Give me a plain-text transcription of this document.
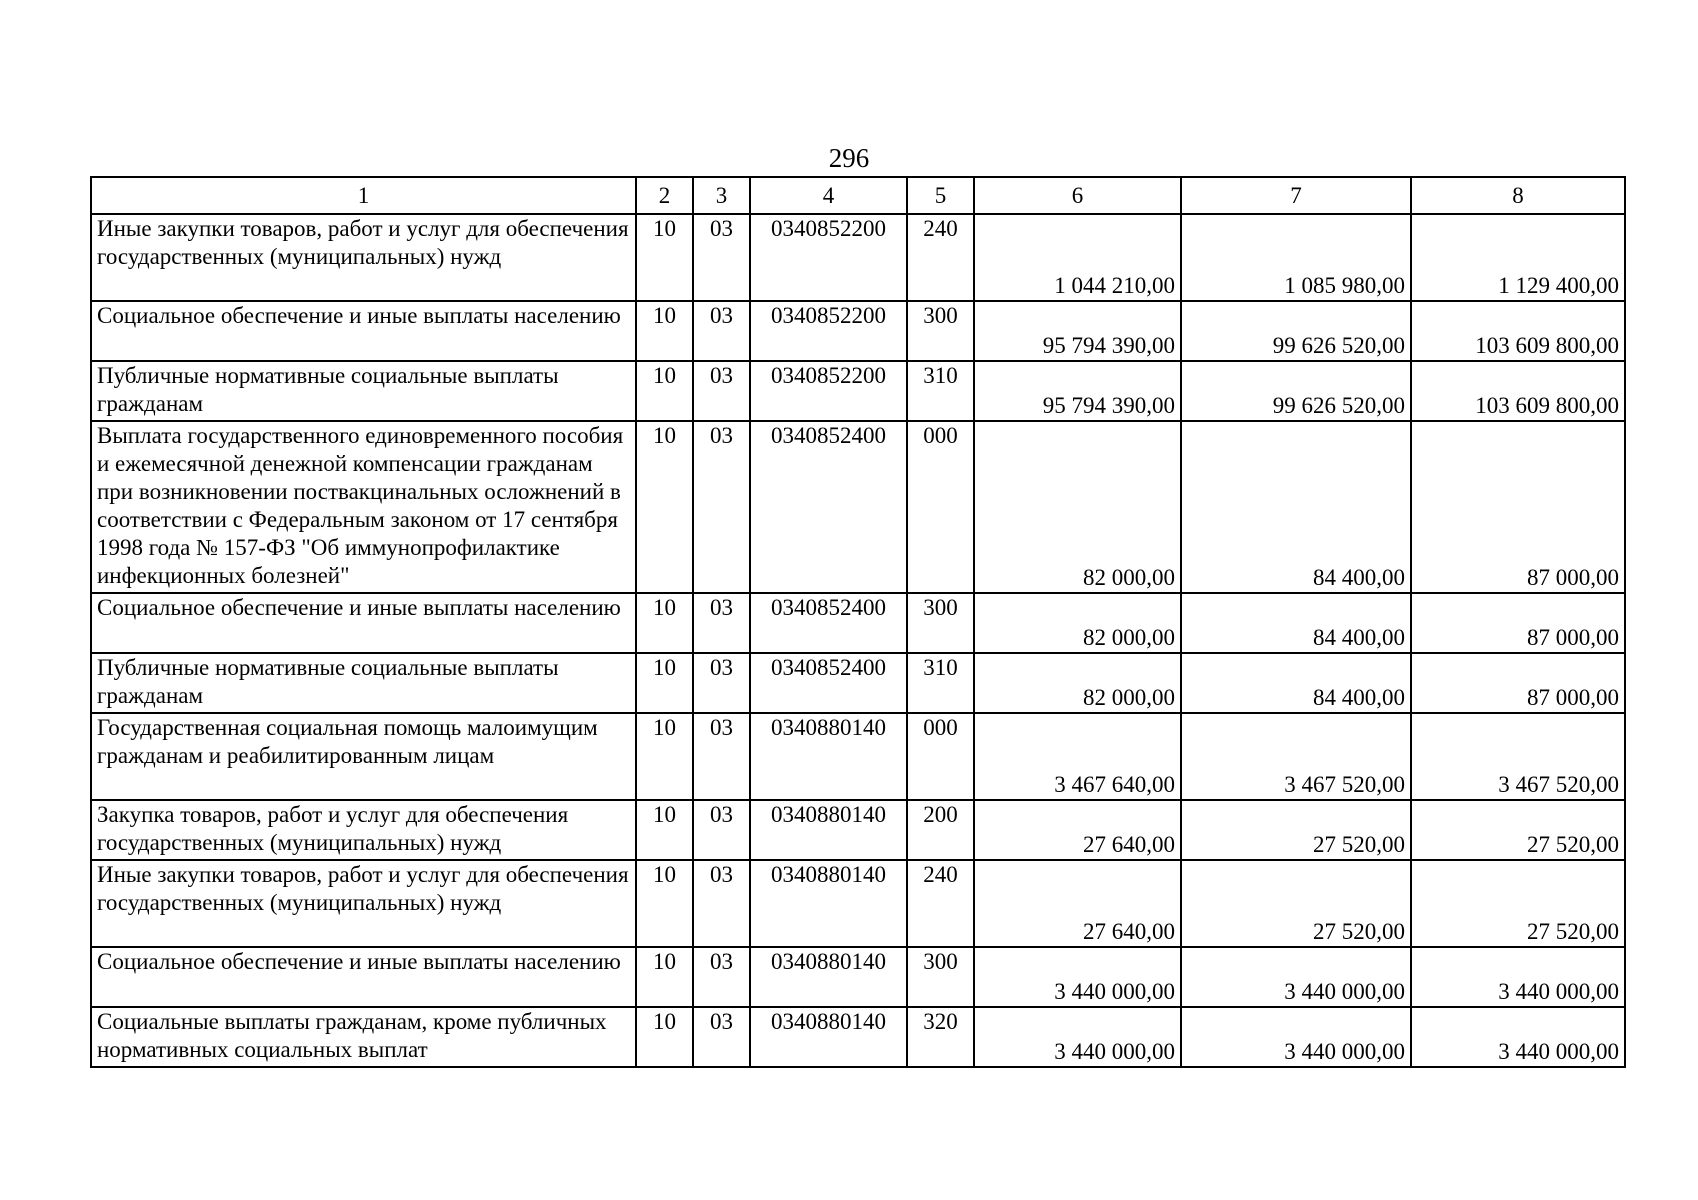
296
1	2	3	4	5	6	7	8
Иные закупки товаров, работ и услуг для обеспечения государственных (муниципальных) нужд	10	03	0340852200	240	1 044 210,00	1 085 980,00	1 129 400,00
Социальное обеспечение и иные выплаты населению	10	03	0340852200	300	95 794 390,00	99 626 520,00	103 609 800,00
Публичные нормативные социальные выплаты гражданам	10	03	0340852200	310	95 794 390,00	99 626 520,00	103 609 800,00
Выплата государственного единовременного пособия и ежемесячной денежной компенсации гражданам при возникновении поствакцинальных осложнений в соответствии с Федеральным законом от 17 сентября 1998 года № 157-ФЗ "Об иммунопрофилактике инфекционных болезней"	10	03	0340852400	000	82 000,00	84 400,00	87 000,00
Социальное обеспечение и иные выплаты населению	10	03	0340852400	300	82 000,00	84 400,00	87 000,00
Публичные нормативные социальные выплаты гражданам	10	03	0340852400	310	82 000,00	84 400,00	87 000,00
Государственная социальная помощь малоимущим гражданам и реабилитированным лицам	10	03	0340880140	000	3 467 640,00	3 467 520,00	3 467 520,00
Закупка товаров, работ и услуг для обеспечения государственных (муниципальных) нужд	10	03	0340880140	200	27 640,00	27 520,00	27 520,00
Иные закупки товаров, работ и услуг для обеспечения государственных (муниципальных) нужд	10	03	0340880140	240	27 640,00	27 520,00	27 520,00
Социальное обеспечение и иные выплаты населению	10	03	0340880140	300	3 440 000,00	3 440 000,00	3 440 000,00
Социальные выплаты гражданам, кроме публичных нормативных социальных выплат	10	03	0340880140	320	3 440 000,00	3 440 000,00	3 440 000,00
